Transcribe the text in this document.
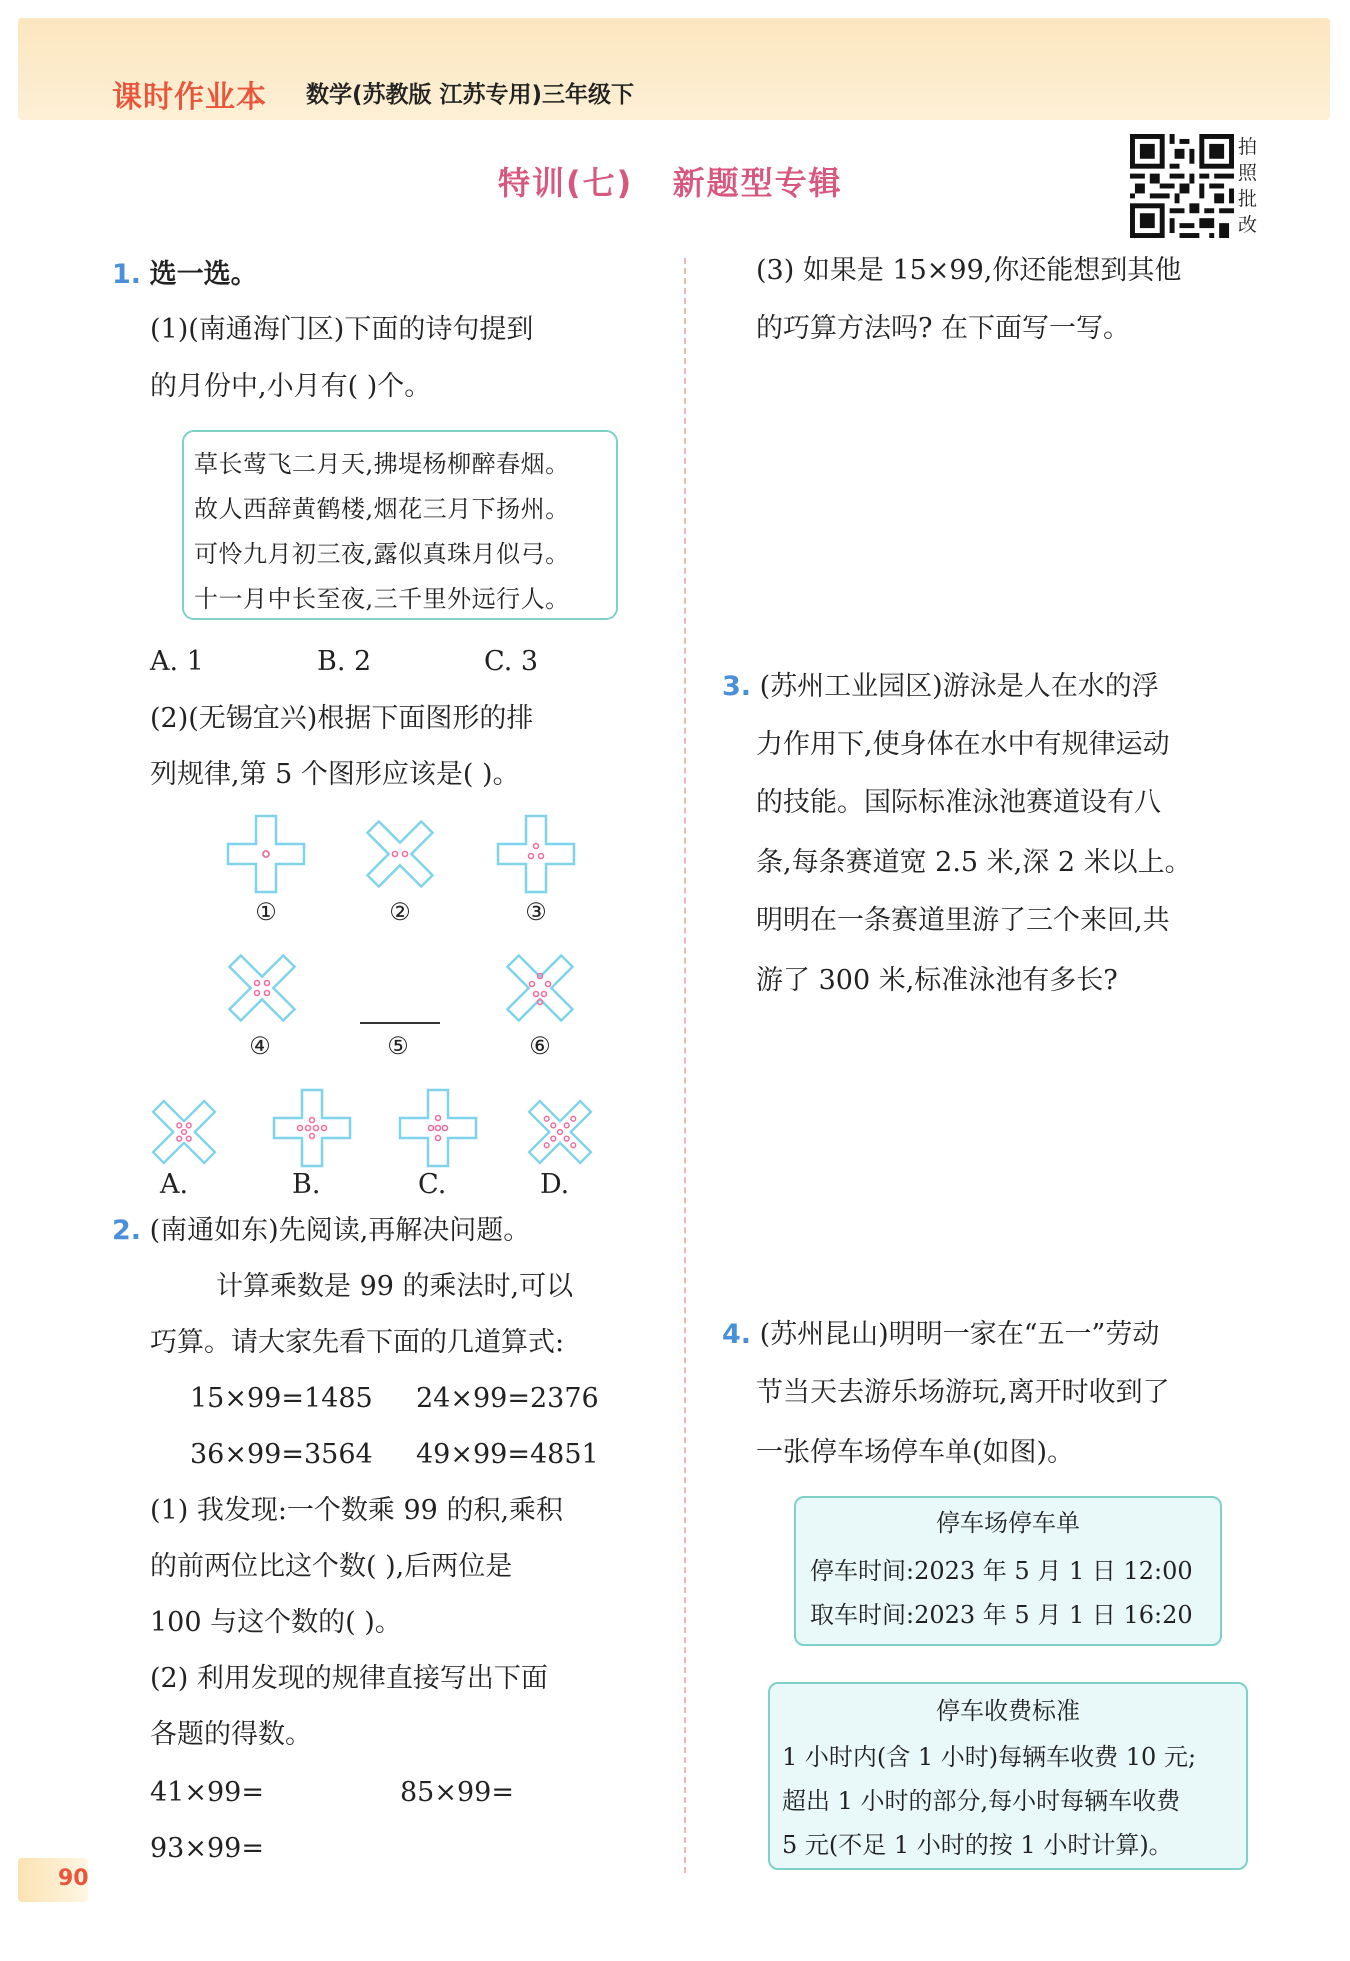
课时作业本 数学(苏教版 江苏专用)三年级下
特训(七)   新题型专辑
拍
照
批
改
1. 选一选。
(1)(南通海门区)下面的诗句提到
的月份中,小月有( )个。
草长莺飞二月天,拂堤杨柳醉春烟。
故人西辞黄鹤楼,烟花三月下扬州。
可怜九月初三夜,露似真珠月似弓。
十一月中长至夜,三千里外远行人。
A. 1	B. 2	C. 3
(2)(无锡宜兴)根据下面图形的排
列规律,第 5 个图形应该是( )。
①	②	③
④	⑤	⑥
A.	B.	C.	D.
2. (南通如东)先阅读,再解决问题。
计算乘数是 99 的乘法时,可以
巧算。请大家先看下面的几道算式:
15×99=1485 24×99=2376
36×99=3564 49×99=4851
(1) 我发现:一个数乘 99 的积,乘积
的前两位比这个数( ),后两位是
100 与这个数的( )。
(2) 利用发现的规律直接写出下面
各题的得数。
41×99=	85×99=
93×99=
(3) 如果是 15×99,你还能想到其他
的巧算方法吗? 在下面写一写。
3. (苏州工业园区)游泳是人在水的浮
力作用下,使身体在水中有规律运动
的技能。国际标准泳池赛道设有八
条,每条赛道宽 2.5 米,深 2 米以上。
明明在一条赛道里游了三个来回,共
游了 300 米,标准泳池有多长?
4. (苏州昆山)明明一家在“五一”劳动
节当天去游乐场游玩,离开时收到了
一张停车场停车单(如图)。
停车场停车单
停车时间:2023 年 5 月 1 日 12:00
取车时间:2023 年 5 月 1 日 16:20
停车收费标准
1 小时内(含 1 小时)每辆车收费 10 元;
超出 1 小时的部分,每小时每辆车收费
5 元(不足 1 小时的按 1 小时计算)。
90
